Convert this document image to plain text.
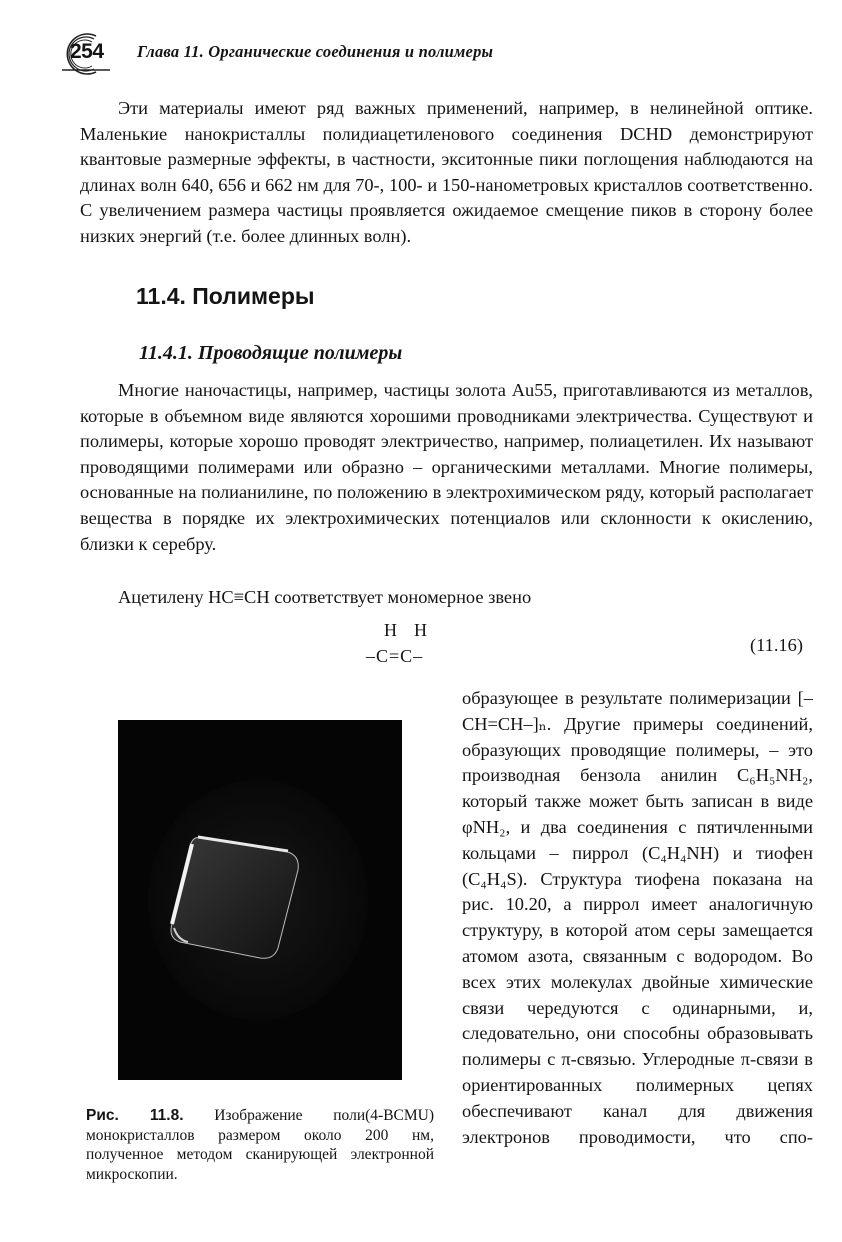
254 Глава 11. Органические соединения и полимеры

Эти материалы имеют ряд важных применений, например, в нелинейной оптике. Маленькие нанокристаллы полидиацетиленового соединения DCHD демонстрируют квантовые размерные эффекты, в частности, экситонные пики поглощения наблюдаются на длинах волн 640, 656 и 662 нм для 70-, 100- и 150-нанометровых кристаллов соответственно. С увеличением размера частицы проявляется ожидаемое смещение пиков в сторону более низких энергий (т.е. более длинных волн).

11.4. Полимеры
11.4.1. Проводящие полимеры

Многие наночастицы, например, частицы золота Au55, приготавливаются из металлов, которые в объемном виде являются хорошими проводниками электричества. Существуют и полимеры, которые хорошо проводят электричество, например, полиацетилен. Их называют проводящими полимерами или образно – органическими металлами. Многие полимеры, основанные на полианилине, по положению в электрохимическом ряду, который располагает вещества в порядке их электрохимических потенциалов или склонности к окислению, близки к серебру.

Ацетилену HC≡CH соответствует мономерное звено

H H
–C=C–
(11.16)
Рис. 11.8. Изображение поли(4-BCMU) монокристаллов размером около 200 нм, полученное методом сканирующей электронной микроскопии.

образующее в результате полимеризации [–CH=CH–]ₙ. Другие примеры соединений, образующих проводящие полимеры, – это производная бензола анилин C₆H₅NH₂, который также может быть записан в виде φNH₂, и два соединения с пятичленными кольцами – пиррол (C₄H₄NH) и тиофен (C₄H₄S). Структура тиофена показана на рис. 10.20, а пиррол имеет аналогичную структуру, в которой атом серы замещается атомом азота, связанным с водородом. Во всех этих молекулах двойные химические связи чередуются с одинарными, и, следовательно, они способны образовывать полимеры с π-связью. Углеродные π-связи в ориентированных полимерных цепях обеспечивают канал для движения электронов проводимости, что спо-
